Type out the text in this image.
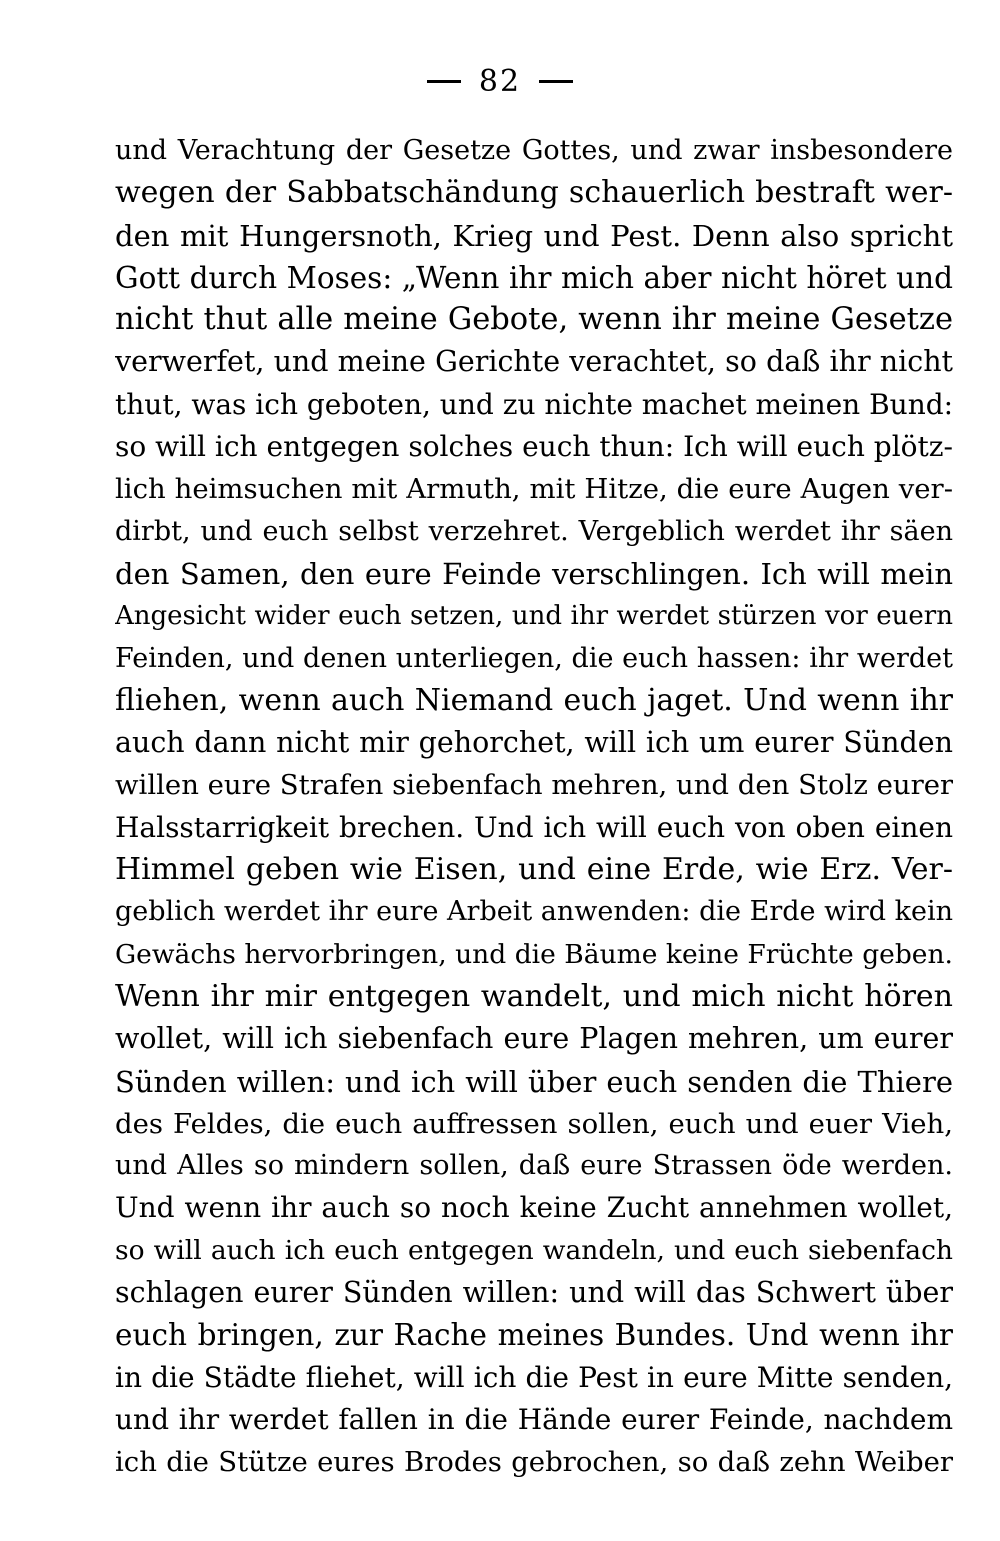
82
und Verachtung der Gesetze Gottes, und zwar insbesondere
wegen der Sabbatschändung schauerlich bestraft wer-
den mit Hungersnoth, Krieg und Pest. Denn also spricht
Gott durch Moses: „Wenn ihr mich aber nicht höret und
nicht thut alle meine Gebote, wenn ihr meine Gesetze
verwerfet, und meine Gerichte verachtet, so daß ihr nicht
thut, was ich geboten, und zu nichte machet meinen Bund:
so will ich entgegen solches euch thun: Ich will euch plötz-
lich heimsuchen mit Armuth, mit Hitze, die eure Augen ver-
dirbt, und euch selbst verzehret. Vergeblich werdet ihr säen
den Samen, den eure Feinde verschlingen. Ich will mein
Angesicht wider euch setzen, und ihr werdet stürzen vor euern
Feinden, und denen unterliegen, die euch hassen: ihr werdet
fliehen, wenn auch Niemand euch jaget. Und wenn ihr
auch dann nicht mir gehorchet, will ich um eurer Sünden
willen eure Strafen siebenfach mehren, und den Stolz eurer
Halsstarrigkeit brechen. Und ich will euch von oben einen
Himmel geben wie Eisen, und eine Erde, wie Erz. Ver-
geblich werdet ihr eure Arbeit anwenden: die Erde wird kein
Gewächs hervorbringen, und die Bäume keine Früchte geben.
Wenn ihr mir entgegen wandelt, und mich nicht hören
wollet, will ich siebenfach eure Plagen mehren, um eurer
Sünden willen: und ich will über euch senden die Thiere
des Feldes, die euch auffressen sollen, euch und euer Vieh,
und Alles so mindern sollen, daß eure Strassen öde werden.
Und wenn ihr auch so noch keine Zucht annehmen wollet,
so will auch ich euch entgegen wandeln, und euch siebenfach
schlagen eurer Sünden willen: und will das Schwert über
euch bringen, zur Rache meines Bundes. Und wenn ihr
in die Städte fliehet, will ich die Pest in eure Mitte senden,
und ihr werdet fallen in die Hände eurer Feinde, nachdem
ich die Stütze eures Brodes gebrochen, so daß zehn Weiber
